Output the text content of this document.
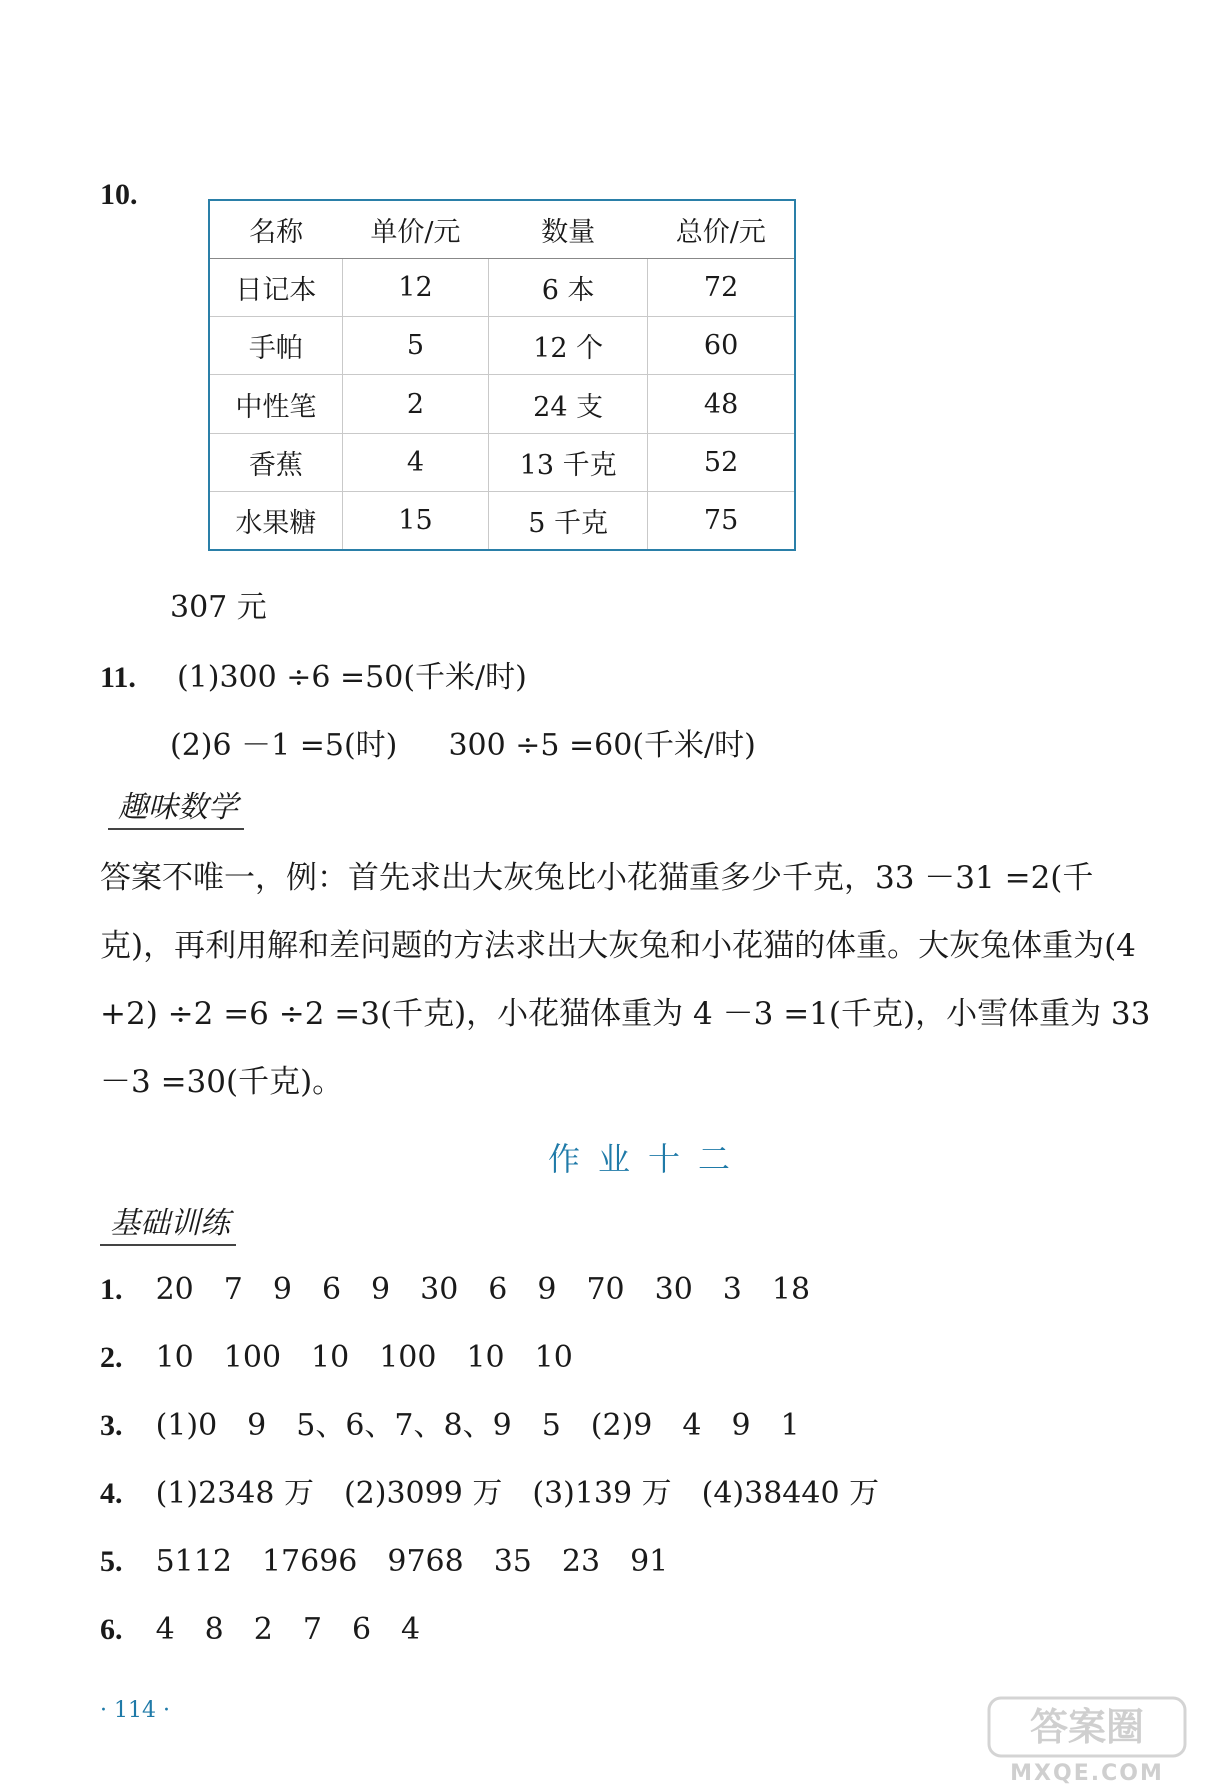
10.
名称	单价/元	数量	总价/元
日记本	12	6 本	72
手帕	5	12 个	60
中性笔	2	24 支	48
香蕉	4	13 千克	52
水果糖	15	5 千克	75
307 元
11. (1)300 ÷6 =50(千米/时)
(2)6 －1 =5(时) 300 ÷5 =60(千米/时)
趣味数学
答案不唯一，例：首先求出大灰兔比小花猫重多少千克，33 －31 =2(千克)，再利用解和差问题的方法求出大灰兔和小花猫的体重。大灰兔体重为(4 +2) ÷2 =6 ÷2 =3(千克)，小花猫体重为 4 －3 =1(千克)，小雪体重为 33 －3 =30(千克)。
作业十二
基础训练
1. 20　7　9　6　9　30　6　9　70　30　3　18
2. 10　100　10　100　10　10
3. (1)0　9　5、6、7、8、9　5　(2)9　4　9　1
4. (1)2348 万　(2)3099 万　(3)139 万　(4)38440 万
5. 5112　17696　9768　35　23　91
6. 4　8　2　7　6　4
· 114 ·	答案圈
MXQE.COM
